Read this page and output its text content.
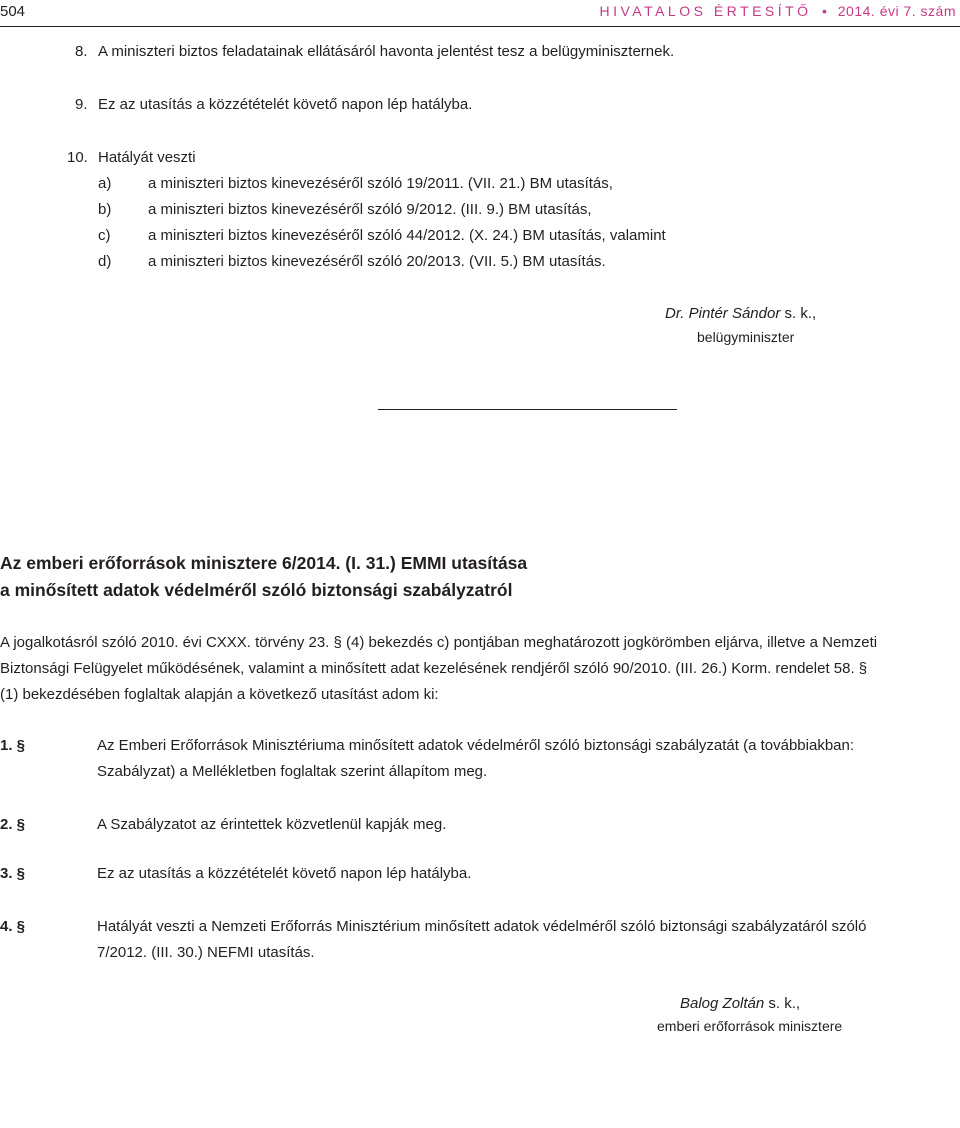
504	HIVATALOS ÉRTESÍTŐ • 2014. évi 7. szám
8. A miniszteri biztos feladatainak ellátásáról havonta jelentést tesz a belügyminiszternek.
9. Ez az utasítás a közzétételét követő napon lép hatályba.
10. Hatályát veszti
a) a miniszteri biztos kinevezéséről szóló 19/2011. (VII. 21.) BM utasítás,
b) a miniszteri biztos kinevezéséről szóló 9/2012. (III. 9.) BM utasítás,
c)	a miniszteri biztos kinevezéséről szóló 44/2012. (X. 24.) BM utasítás, valamint
d) a miniszteri biztos kinevezéséről szóló 20/2013. (VII. 5.) BM utasítás.
Dr. Pintér Sándor s. k.,
belügyminiszter
Az emberi erőforrások minisztere 6/2014. (I. 31.) EMMI utasítása
a minősített adatok védelméről szóló biztonsági szabályzatról
A jogalkotásról szóló 2010. évi CXXX. törvény 23. § (4) bekezdés c) pontjában meghatározott jogkörömben eljárva, illetve a Nemzeti
Biztonsági Felügyelet működésének, valamint a minősített adat kezelésének rendjéről szóló 90/2010. (III. 26.) Korm. rendelet 58. §
(1) bekezdésében foglaltak alapján a következő utasítást adom ki:
1. §	Az Emberi Erőforrások Minisztériuma minősített adatok védelméről szóló biztonsági szabályzatát (a továbbiakban:
Szabályzat) a Mellékletben foglaltak szerint állapítom meg.
2. §	A Szabályzatot az érintettek közvetlenül kapják meg.
3. §	Ez az utasítás a közzétételét követő napon lép hatályba.
4. §	Hatályát veszti a Nemzeti Erőforrás Minisztérium minősített adatok védelméről szóló biztonsági szabályzatáról szóló
7/2012. (III. 30.) NEFMI utasítás.
Balog Zoltán s. k.,
emberi erőforrások minisztere
